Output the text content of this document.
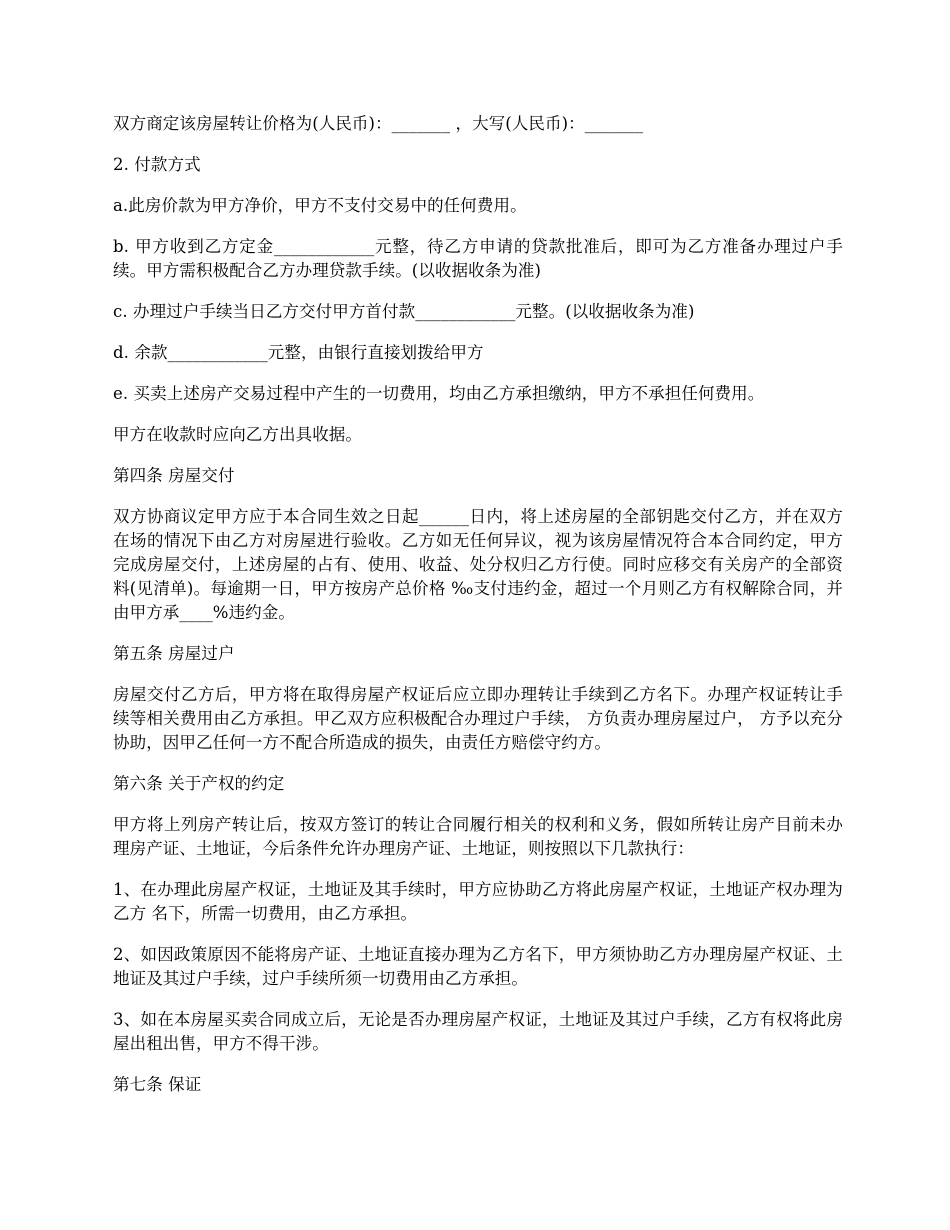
双方商定该房屋转让价格为(人民币)：_______ ，大写(人民币)：_______

2. 付款方式

a.此房价款为甲方净价，甲方不支付交易中的任何费用。

b. 甲方收到乙方定金____________元整，待乙方申请的贷款批准后，即可为乙方准备办理过户手续。甲方需积极配合乙方办理贷款手续。(以收据收条为准)

c. 办理过户手续当日乙方交付甲方首付款____________元整。(以收据收条为准)

d. 余款____________元整，由银行直接划拨给甲方

e. 买卖上述房产交易过程中产生的一切费用，均由乙方承担缴纳，甲方不承担任何费用。

甲方在收款时应向乙方出具收据。

第四条 房屋交付

双方协商议定甲方应于本合同生效之日起______日内，将上述房屋的全部钥匙交付乙方，并在双方在场的情况下由乙方对房屋进行验收。乙方如无任何异议，视为该房屋情况符合本合同约定，甲方完成房屋交付，上述房屋的占有、使用、收益、处分权归乙方行使。同时应移交有关房产的全部资料(见清单)。每逾期一日，甲方按房产总价格 ‰支付违约金，超过一个月则乙方有权解除合同，并由甲方承____%违约金。

第五条 房屋过户

房屋交付乙方后，甲方将在取得房屋产权证后应立即办理转让手续到乙方名下。办理产权证转让手续等相关费用由乙方承担。甲乙双方应积极配合办理过户手续， 方负责办理房屋过户， 方予以充分协助，因甲乙任何一方不配合所造成的损失，由责任方赔偿守约方。

第六条 关于产权的约定

甲方将上列房产转让后，按双方签订的转让合同履行相关的权利和义务，假如所转让房产目前未办理房产证、土地证，今后条件允许办理房产证、土地证，则按照以下几款执行：

1、在办理此房屋产权证，土地证及其手续时，甲方应协助乙方将此房屋产权证，土地证产权办理为乙方 名下，所需一切费用，由乙方承担。

2、如因政策原因不能将房产证、土地证直接办理为乙方名下，甲方须协助乙方办理房屋产权证、土地证及其过户手续，过户手续所须一切费用由乙方承担。

3、如在本房屋买卖合同成立后，无论是否办理房屋产权证，土地证及其过户手续，乙方有权将此房屋出租出售，甲方不得干涉。

第七条 保证
